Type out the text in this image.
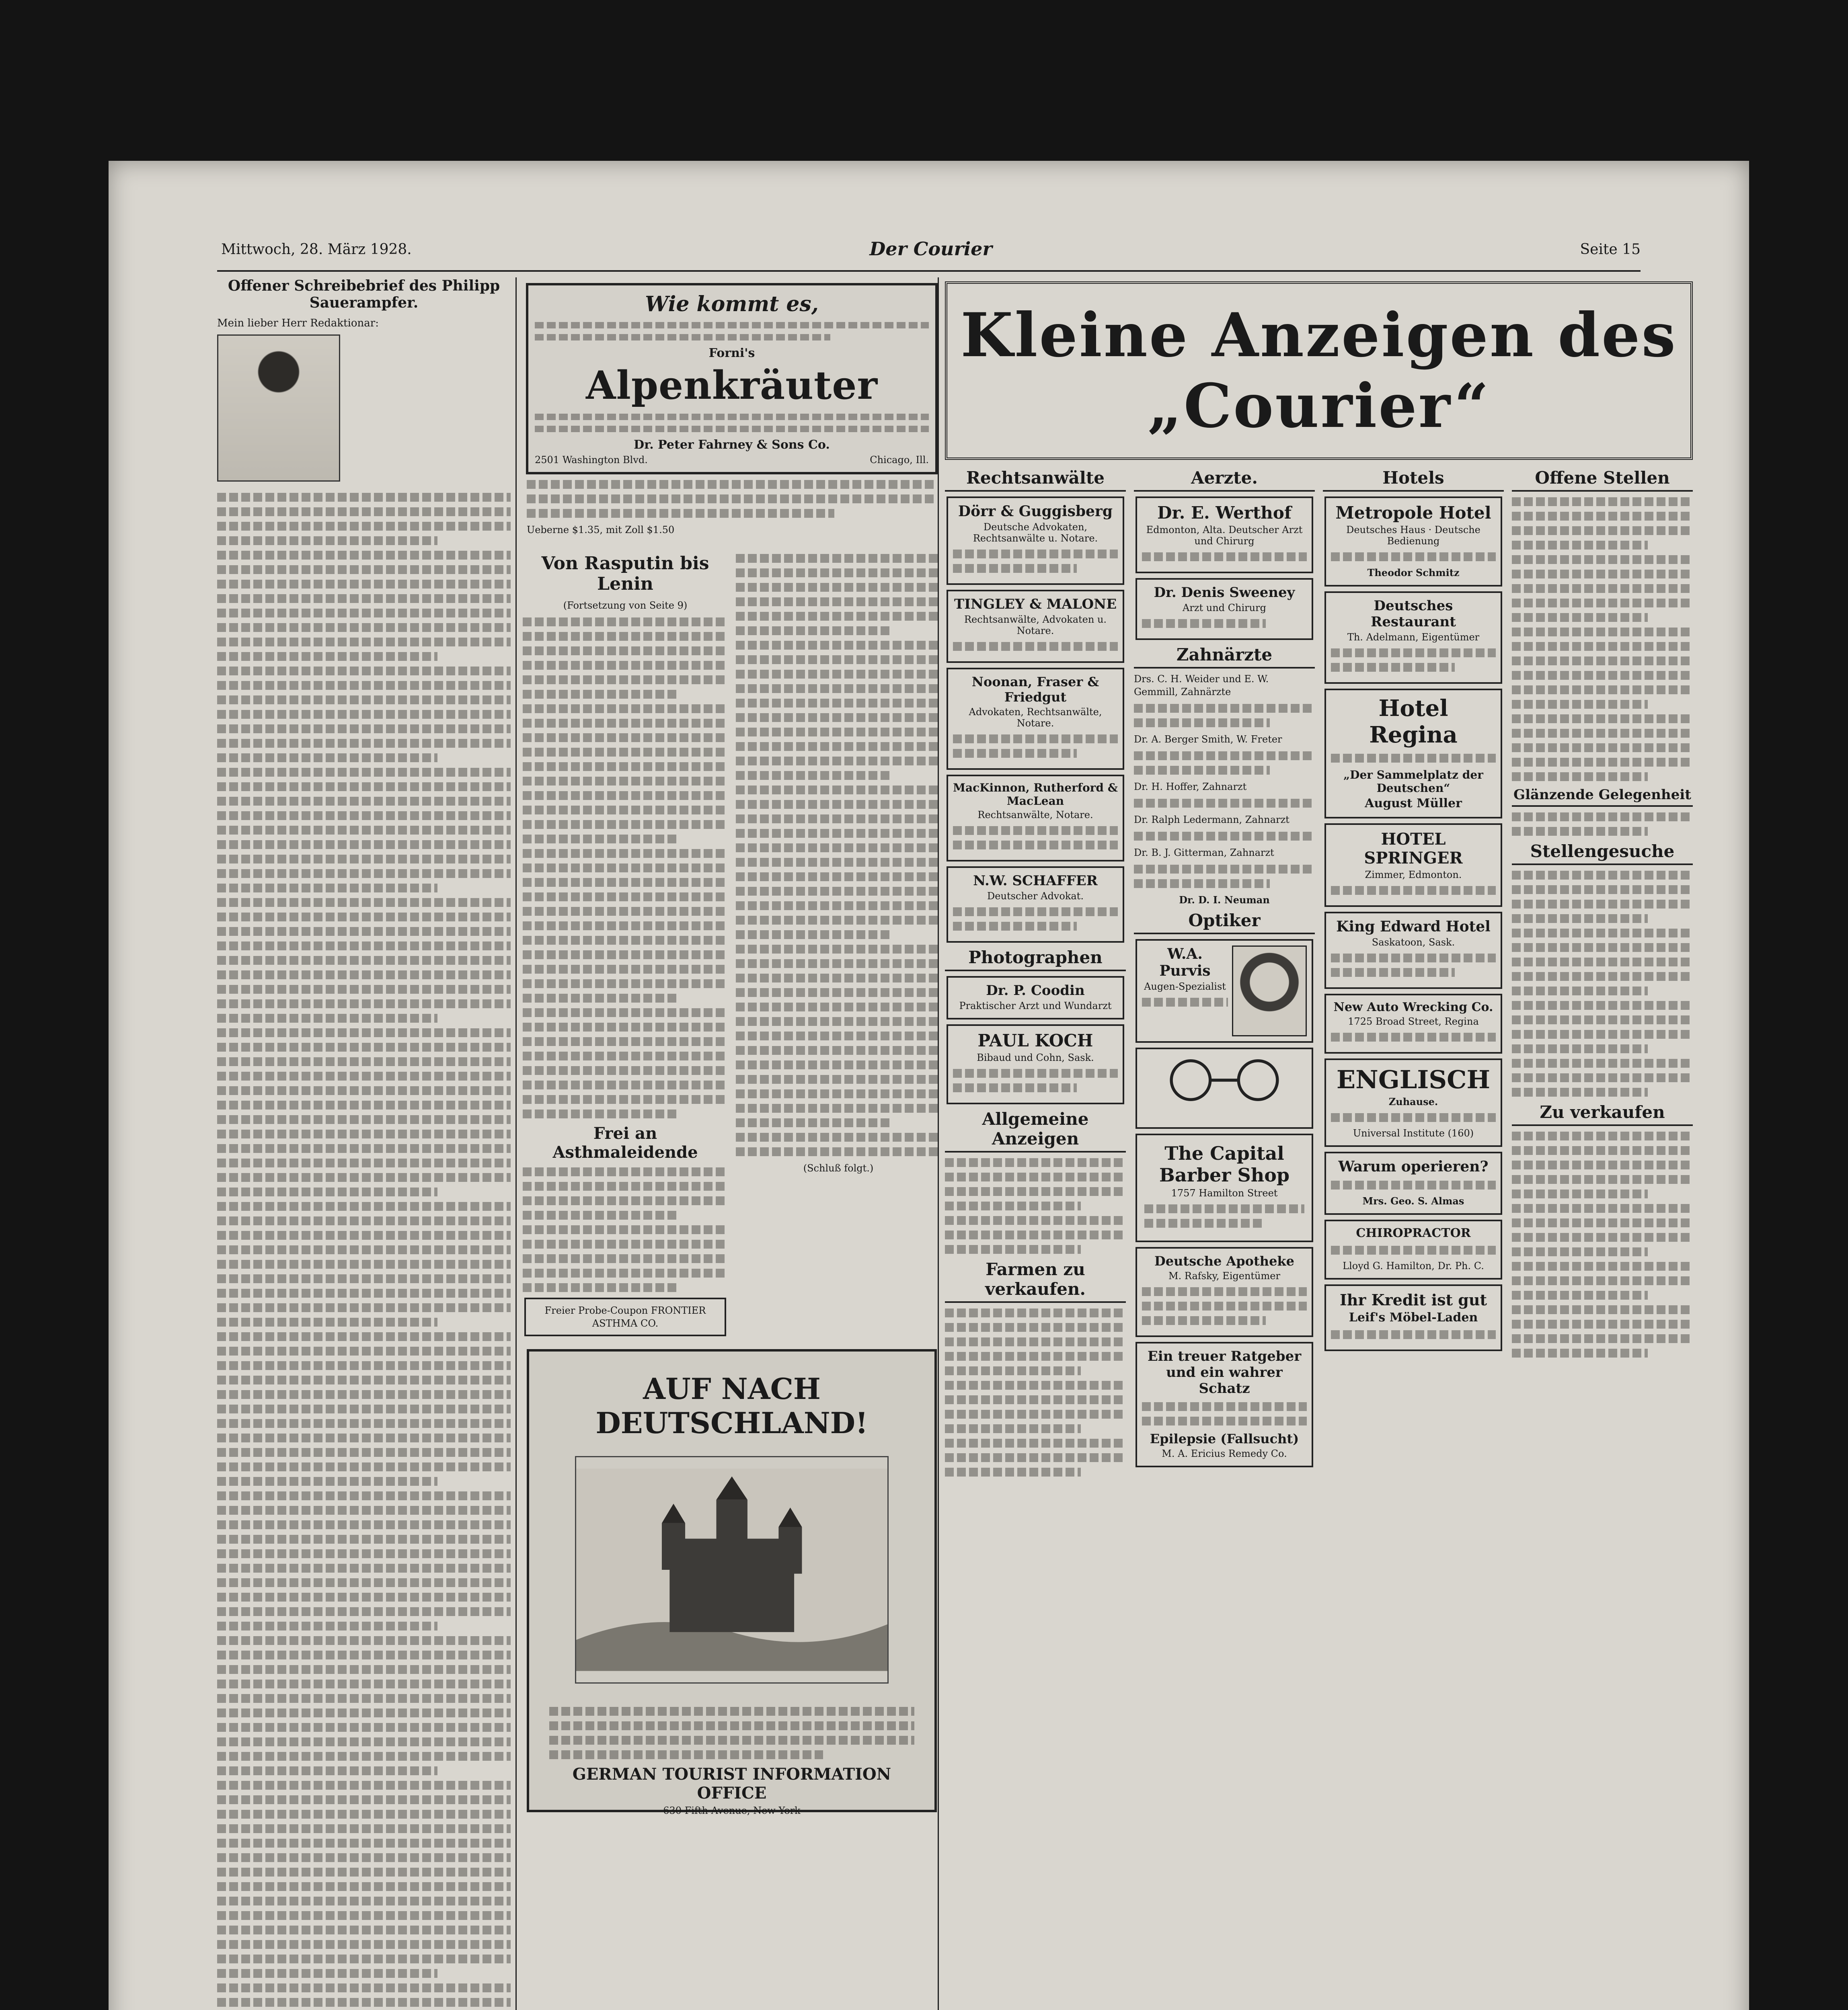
Mittwoch, 28. März 1928.	Der Courier	Seite 15
Offener Schreibebrief des Philipp Sauerampfer.
Mein lieber Herr Redaktionar:
Wie kommt es,
Forni's
Alpenkräuter
Dr. Peter Fahrney & Sons Co.
2501 Washington Blvd.	Chicago, Ill.
Ueberne $1.35, mit Zoll $1.50
Von Rasputin bis Lenin
(Fortsetzung von Seite 9)
Frei an Asthmaleidende
Freier Probe-Coupon FRONTIER ASTHMA CO.
(Schluß folgt.)
AUF NACH DEUTSCHLAND!
GERMAN TOURIST INFORMATION OFFICE
630 Fifth Avenue, New York
Kleine Anzeigen des „Courier“
Rechtsanwälte
Dörr & Guggisberg
Deutsche Advokaten, Rechtsanwälte u. Notare.
TINGLEY & MALONE
Rechtsanwälte, Advokaten u. Notare.
Noonan, Fraser & Friedgut
Advokaten, Rechtsanwälte, Notare.
MacKinnon, Rutherford & MacLean
Rechtsanwälte, Notare.
N.W. SCHAFFER
Deutscher Advokat.
Photographen
Dr. P. Coodin
Praktischer Arzt und Wundarzt
PAUL KOCH
Bibaud und Cohn, Sask.
Allgemeine Anzeigen
Farmen zu verkaufen.
Aerzte.
Dr. E. Werthof
Edmonton, Alta. Deutscher Arzt und Chirurg
Dr. Denis Sweeney
Arzt und Chirurg
Zahnärzte
Drs. C. H. Weider und E. W. Gemmill, Zahnärzte
Dr. A. Berger Smith, W. Freter
Dr. H. Hoffer, Zahnarzt
Dr. Ralph Ledermann, Zahnarzt
Dr. B. J. Gitterman, Zahnarzt
Dr. D. I. Neuman
Optiker
W.A. Purvis
Augen-Spezialist
The Capital Barber Shop
1757 Hamilton Street
Deutsche Apotheke
M. Rafsky, Eigentümer
Ein treuer Ratgeber und ein wahrer Schatz
Epilepsie (Fallsucht)
M. A. Ericius Remedy Co.
Hotels
Metropole Hotel
Deutsches Haus · Deutsche Bedienung
Theodor Schmitz
Deutsches Restaurant
Th. Adelmann, Eigentümer
Hotel Regina
„Der Sammelplatz der Deutschen“
August Müller
HOTEL SPRINGER
Zimmer, Edmonton.
King Edward Hotel
Saskatoon, Sask.
New Auto Wrecking Co.
1725 Broad Street, Regina
ENGLISCH
Zuhause.
Universal Institute (160)
Warum operieren?
Mrs. Geo. S. Almas
CHIROPRACTOR
Lloyd G. Hamilton, Dr. Ph. C.
Ihr Kredit ist gut
Leif's Möbel-Laden
Offene Stellen
Glänzende Gelegenheit
Stellengesuche
Zu verkaufen
